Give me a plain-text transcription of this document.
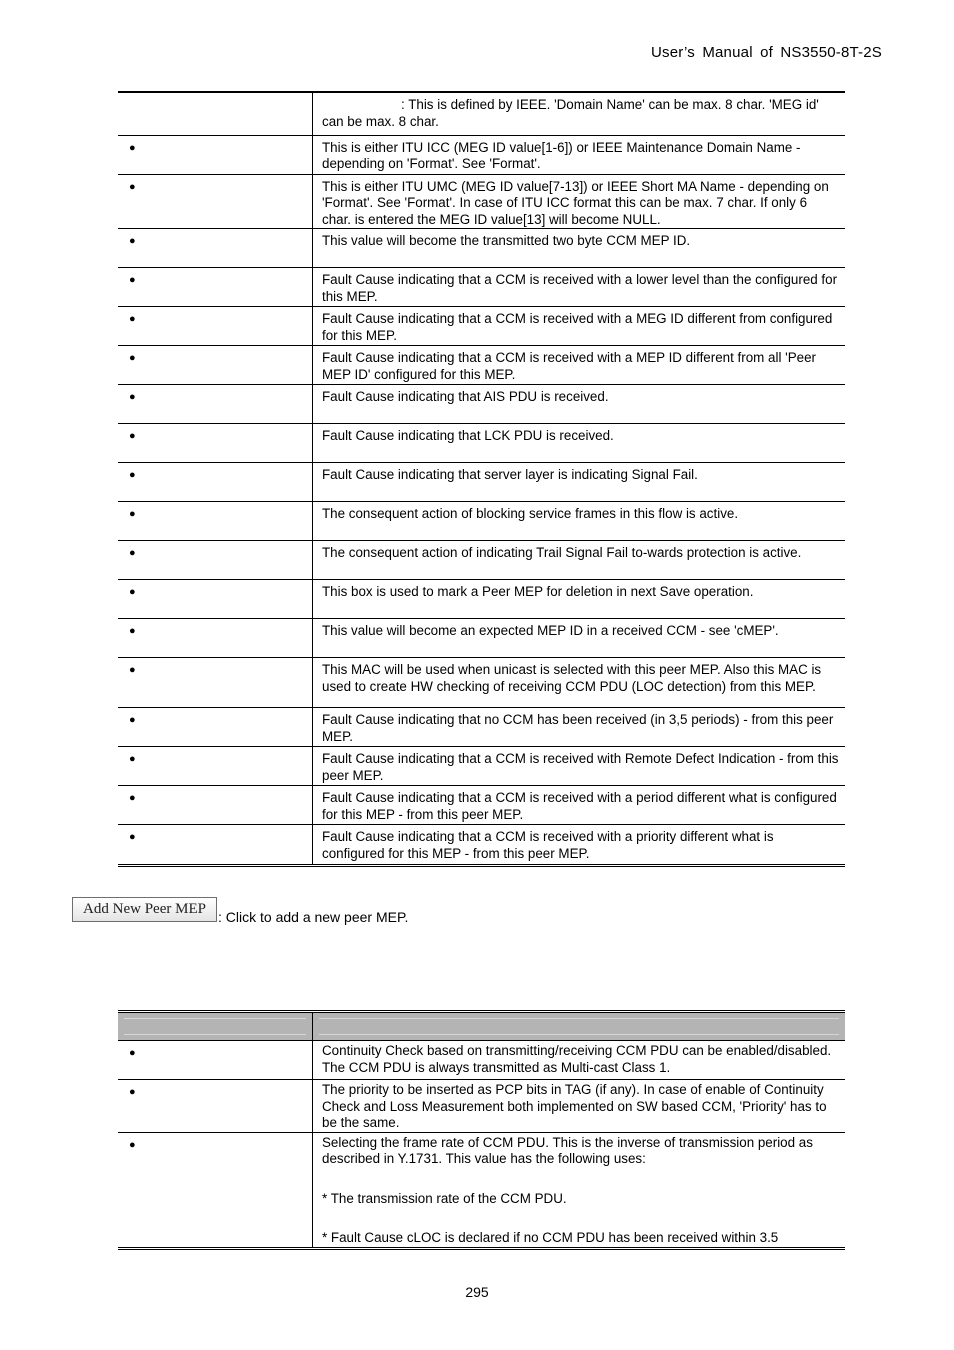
User’s Manual of NS3550-8T-2S
	: This is defined by IEEE. 'Domain Name' can be max. 8 char. 'MEG id' can be max. 8 char.

●	This is either ITU ICC (MEG ID value[1-6]) or IEEE Maintenance Domain Name - depending on 'Format'. See 'Format'.

●	This is either ITU UMC (MEG ID value[7-13]) or IEEE Short MA Name - depending on 'Format'. See 'Format'. In case of ITU ICC format this can be max. 7 char. If only 6 char. is entered the MEG ID value[13] will become NULL.

●	This value will become the transmitted two byte CCM MEP ID.

●	Fault Cause indicating that a CCM is received with a lower level than the configured for this MEP.

●	Fault Cause indicating that a CCM is received with a MEG ID different from configured for this MEP.

●	Fault Cause indicating that a CCM is received with a MEP ID different from all 'Peer MEP ID' configured for this MEP.

●	Fault Cause indicating that AIS PDU is received.

●	Fault Cause indicating that LCK PDU is received.

●	Fault Cause indicating that server layer is indicating Signal Fail.

●	The consequent action of blocking service frames in this flow is active.

●	The consequent action of indicating Trail Signal Fail to-wards protection is active.

●	This box is used to mark a Peer MEP for deletion in next Save operation.

●	This value will become an expected MEP ID in a received CCM - see 'cMEP'.

●	This MAC will be used when unicast is selected with this peer MEP. Also this MAC is used to create HW checking of receiving CCM PDU (LOC detection) from this MEP.

●	Fault Cause indicating that no CCM has been received (in 3,5 periods) - from this peer MEP.

●	Fault Cause indicating that a CCM is received with Remote Defect Indication - from this peer MEP.

●	Fault Cause indicating that a CCM is received with a period different what is configured for this MEP - from this peer MEP.

●	Fault Cause indicating that a CCM is received with a priority different what is configured for this MEP - from this peer MEP.
Add New Peer MEP : Click to add a new peer MEP.

●	Continuity Check based on transmitting/receiving CCM PDU can be enabled/disabled. The CCM PDU is always transmitted as Multi-cast Class 1.

●	The priority to be inserted as PCP bits in TAG (if any). In case of enable of Continuity Check and Loss Measurement both implemented on SW based CCM, 'Priority' has to be the same.

●	Selecting the frame rate of CCM PDU. This is the inverse of transmission period as described in Y.1731. This value has the following uses:
* The transmission rate of the CCM PDU.
* Fault Cause cLOC is declared if no CCM PDU has been received within 3.5
295
